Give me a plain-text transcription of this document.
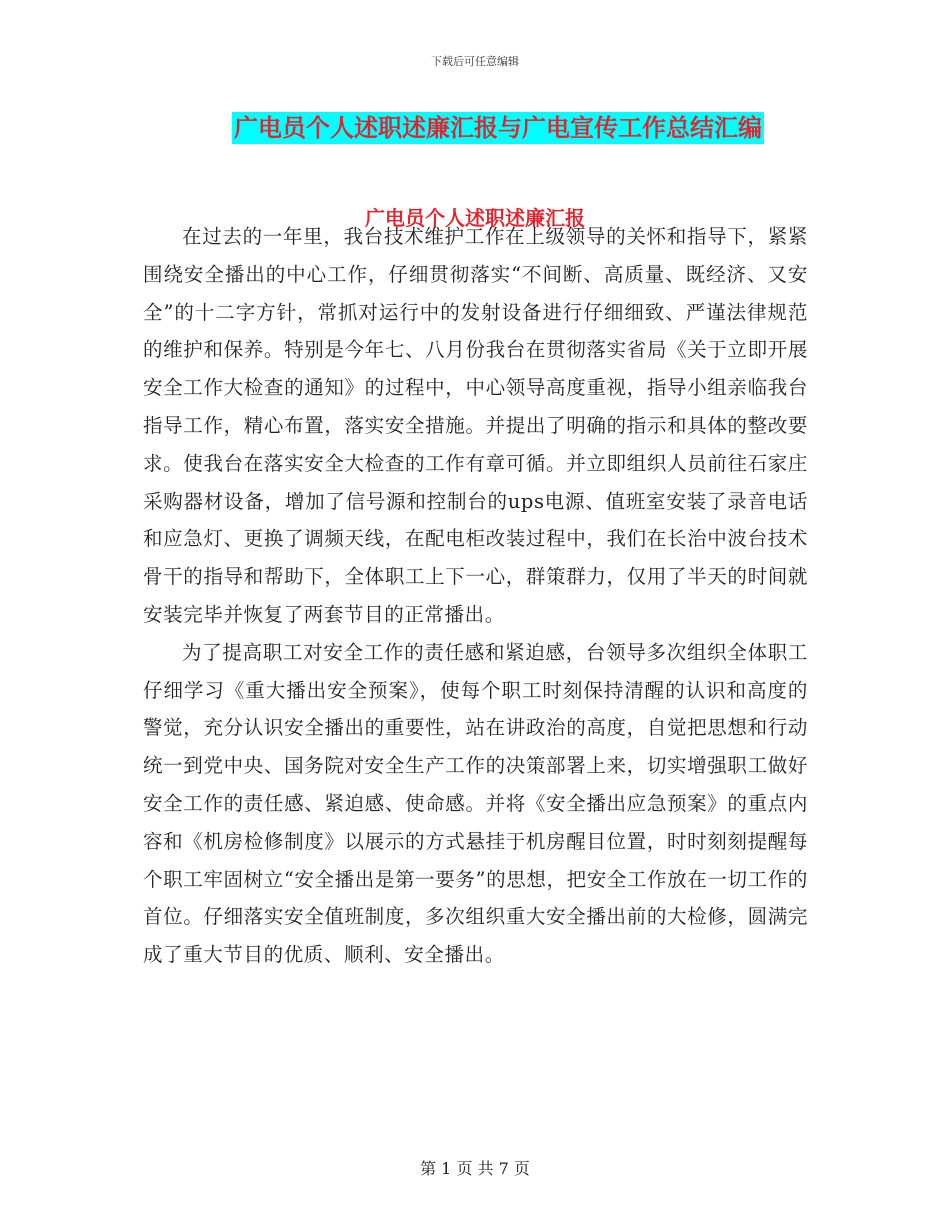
下载后可任意编辑
广电员个人述职述廉汇报与广电宣传工作总结汇编
广电员个人述职述廉汇报

在过去的一年里，我台技术维护工作在上级领导的关怀和指导下，紧紧围绕安全播出的中心工作，仔细贯彻落实“不间断、高质量、既经济、又安全”的十二字方针，常抓对运行中的发射设备进行仔细细致、严谨法律规范的维护和保养。特别是今年七、八月份我台在贯彻落实省局《关于立即开展安全工作大检查的通知》的过程中，中心领导高度重视，指导小组亲临我台指导工作，精心布置，落实安全措施。并提出了明确的指示和具体的整改要求。使我台在落实安全大检查的工作有章可循。并立即组织人员前往石家庄采购器材设备，增加了信号源和控制台的ups电源、值班室安装了录音电话和应急灯、更换了调频天线，在配电柜改装过程中，我们在长治中波台技术骨干的指导和帮助下，全体职工上下一心，群策群力，仅用了半天的时间就安装完毕并恢复了两套节目的正常播出。

为了提高职工对安全工作的责任感和紧迫感，台领导多次组织全体职工仔细学习《重大播出安全预案》，使每个职工时刻保持清醒的认识和高度的警觉，充分认识安全播出的重要性，站在讲政治的高度，自觉把思想和行动统一到党中央、国务院对安全生产工作的决策部署上来，切实增强职工做好安全工作的责任感、紧迫感、使命感。并将《安全播出应急预案》的重点内容和《机房检修制度》以展示的方式悬挂于机房醒目位置，时时刻刻提醒每个职工牢固树立“安全播出是第一要务”的思想，把安全工作放在一切工作的首位。仔细落实安全值班制度，多次组织重大安全播出前的大检修，圆满完成了重大节目的优质、顺利、安全播出。

第 1 页 共 7 页
